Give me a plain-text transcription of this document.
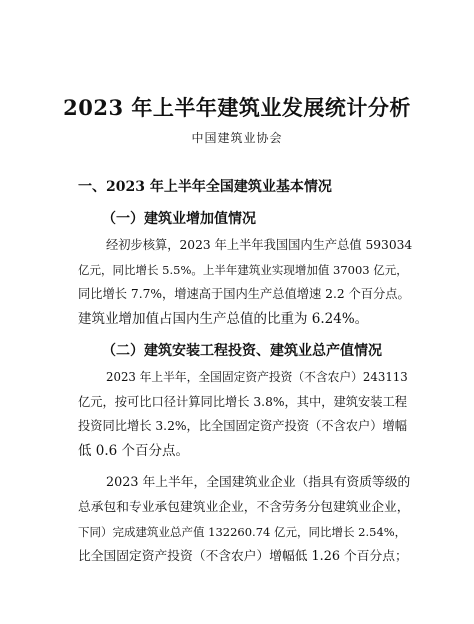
2023 年上半年建筑业发展统计分析
中国建筑业协会
一、2023 年上半年全国建筑业基本情况
（一）建筑业增加值情况
经初步核算，2023 年上半年我国国内生产总值 593034
亿元，同比增长 5.5%。上半年建筑业实现增加值 37003 亿元，
同比增长 7.7%，增速高于国内生产总值增速 2.2 个百分点。
建筑业增加值占国内生产总值的比重为 6.24%。
（二）建筑安装工程投资、建筑业总产值情况
2023 年上半年，全国固定资产投资（不含农户）243113
亿元，按可比口径计算同比增长 3.8%，其中，建筑安装工程
投资同比增长 3.2%，比全国固定资产投资（不含农户）增幅
低 0.6 个百分点。
2023 年上半年，全国建筑业企业（指具有资质等级的
总承包和专业承包建筑业企业，不含劳务分包建筑业企业，
下同）完成建筑业总产值 132260.74 亿元，同比增长 2.54%，
比全国固定资产投资（不含农户）增幅低 1.26 个百分点；
